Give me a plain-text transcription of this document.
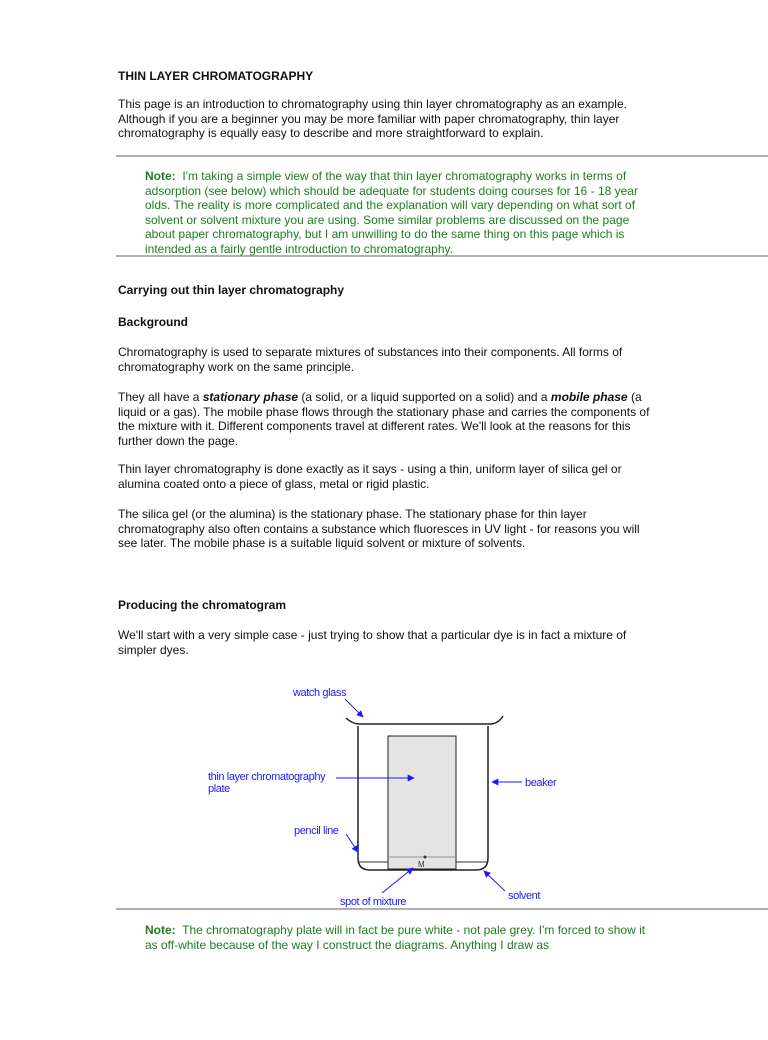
THIN LAYER CHROMATOGRAPHY

This page is an introduction to chromatography using thin layer chromatography as an example. Although if you are a beginner you may be more familiar with paper chromatography, thin layer chromatography is equally easy to describe and more straightforward to explain.

Note: I'm taking a simple view of the way that thin layer chromatography works in terms of adsorption (see below) which should be adequate for students doing courses for 16 - 18 year olds. The reality is more complicated and the explanation will vary depending on what sort of solvent or solvent mixture you are using. Some similar problems are discussed on the page about paper chromatography, but I am unwilling to do the same thing on this page which is intended as a fairly gentle introduction to chromatography.

Carrying out thin layer chromatography

Background

Chromatography is used to separate mixtures of substances into their components. All forms of chromatography work on the same principle.

They all have a stationary phase (a solid, or a liquid supported on a solid) and a mobile phase (a liquid or a gas). The mobile phase flows through the stationary phase and carries the components of the mixture with it. Different components travel at different rates. We'll look at the reasons for this further down the page.

Thin layer chromatography is done exactly as it says - using a thin, uniform layer of silica gel or alumina coated onto a piece of glass, metal or rigid plastic.

The silica gel (or the alumina) is the stationary phase. The stationary phase for thin layer chromatography also often contains a substance which fluoresces in UV light - for reasons you will see later. The mobile phase is a suitable liquid solvent or mixture of solvents.

Producing the chromatogram

We'll start with a very simple case - just trying to show that a particular dye is in fact a mixture of simpler dyes.

M
watch glass
thin layer chromatography
plate	beaker
pencil line
solvent
spot of mixture

Note: The chromatography plate will in fact be pure white - not pale grey. I'm forced to show it as off-white because of the way I construct the diagrams. Anything I draw as
